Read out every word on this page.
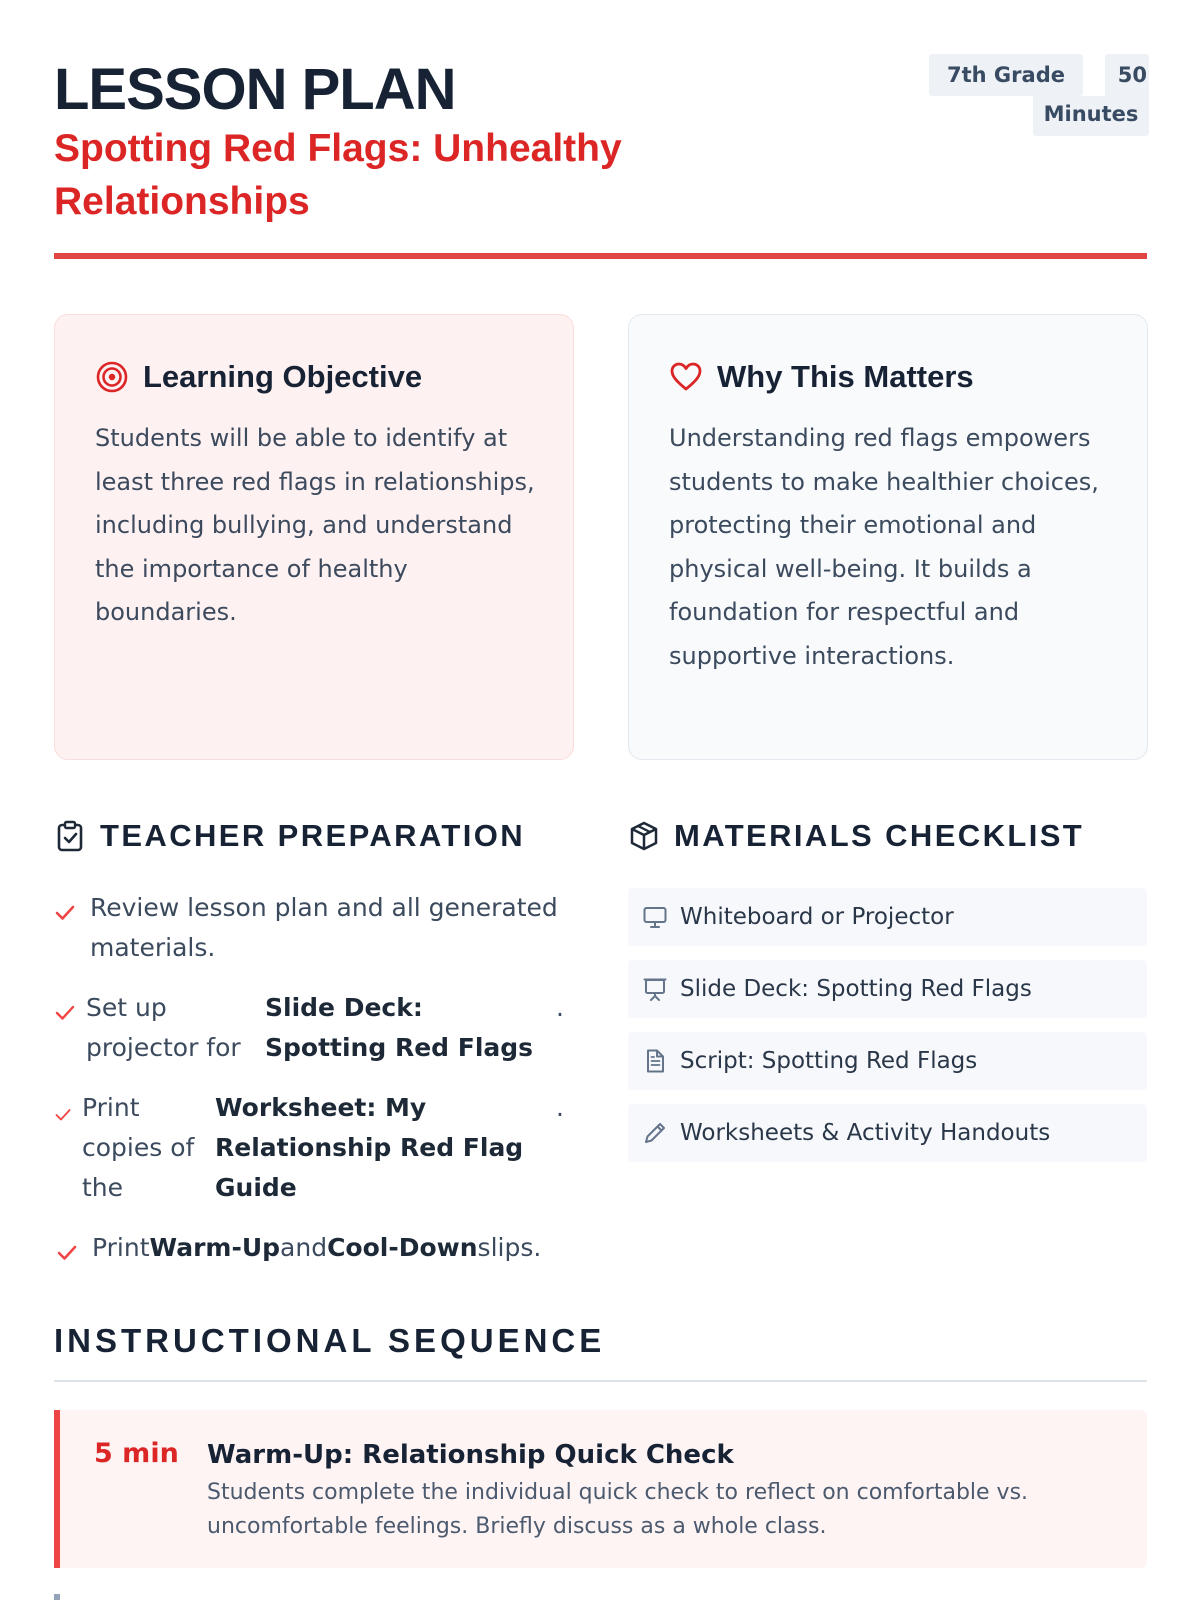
LESSON PLAN
Spotting Red Flags: Unhealthy Relationships
7th Grade	50
Minutes
Learning Objective
Students will be able to identify at least three red flags in relationships, including bullying, and understand the importance of healthy boundaries.
Why This Matters
Understanding red flags empowers students to make healthier choices, protecting their emotional and physical well-being. It builds a foundation for respectful and supportive interactions.
TEACHER PREPARATION
Review lesson plan and all generated materials.
Set up projector for
Slide Deck: Spotting Red Flags
.
Print copies of the
Worksheet: My Relationship Red Flag Guide
.
PrintWarm-UpandCool-Downslips.
MATERIALS CHECKLIST
Whiteboard or Projector
Slide Deck: Spotting Red Flags
Script: Spotting Red Flags
Worksheets & Activity Handouts
INSTRUCTIONAL SEQUENCE
5 min Warm-Up: Relationship Quick Check
Students complete the individual quick check to reflect on comfortable vs. uncomfortable feelings. Briefly discuss as a whole class.
